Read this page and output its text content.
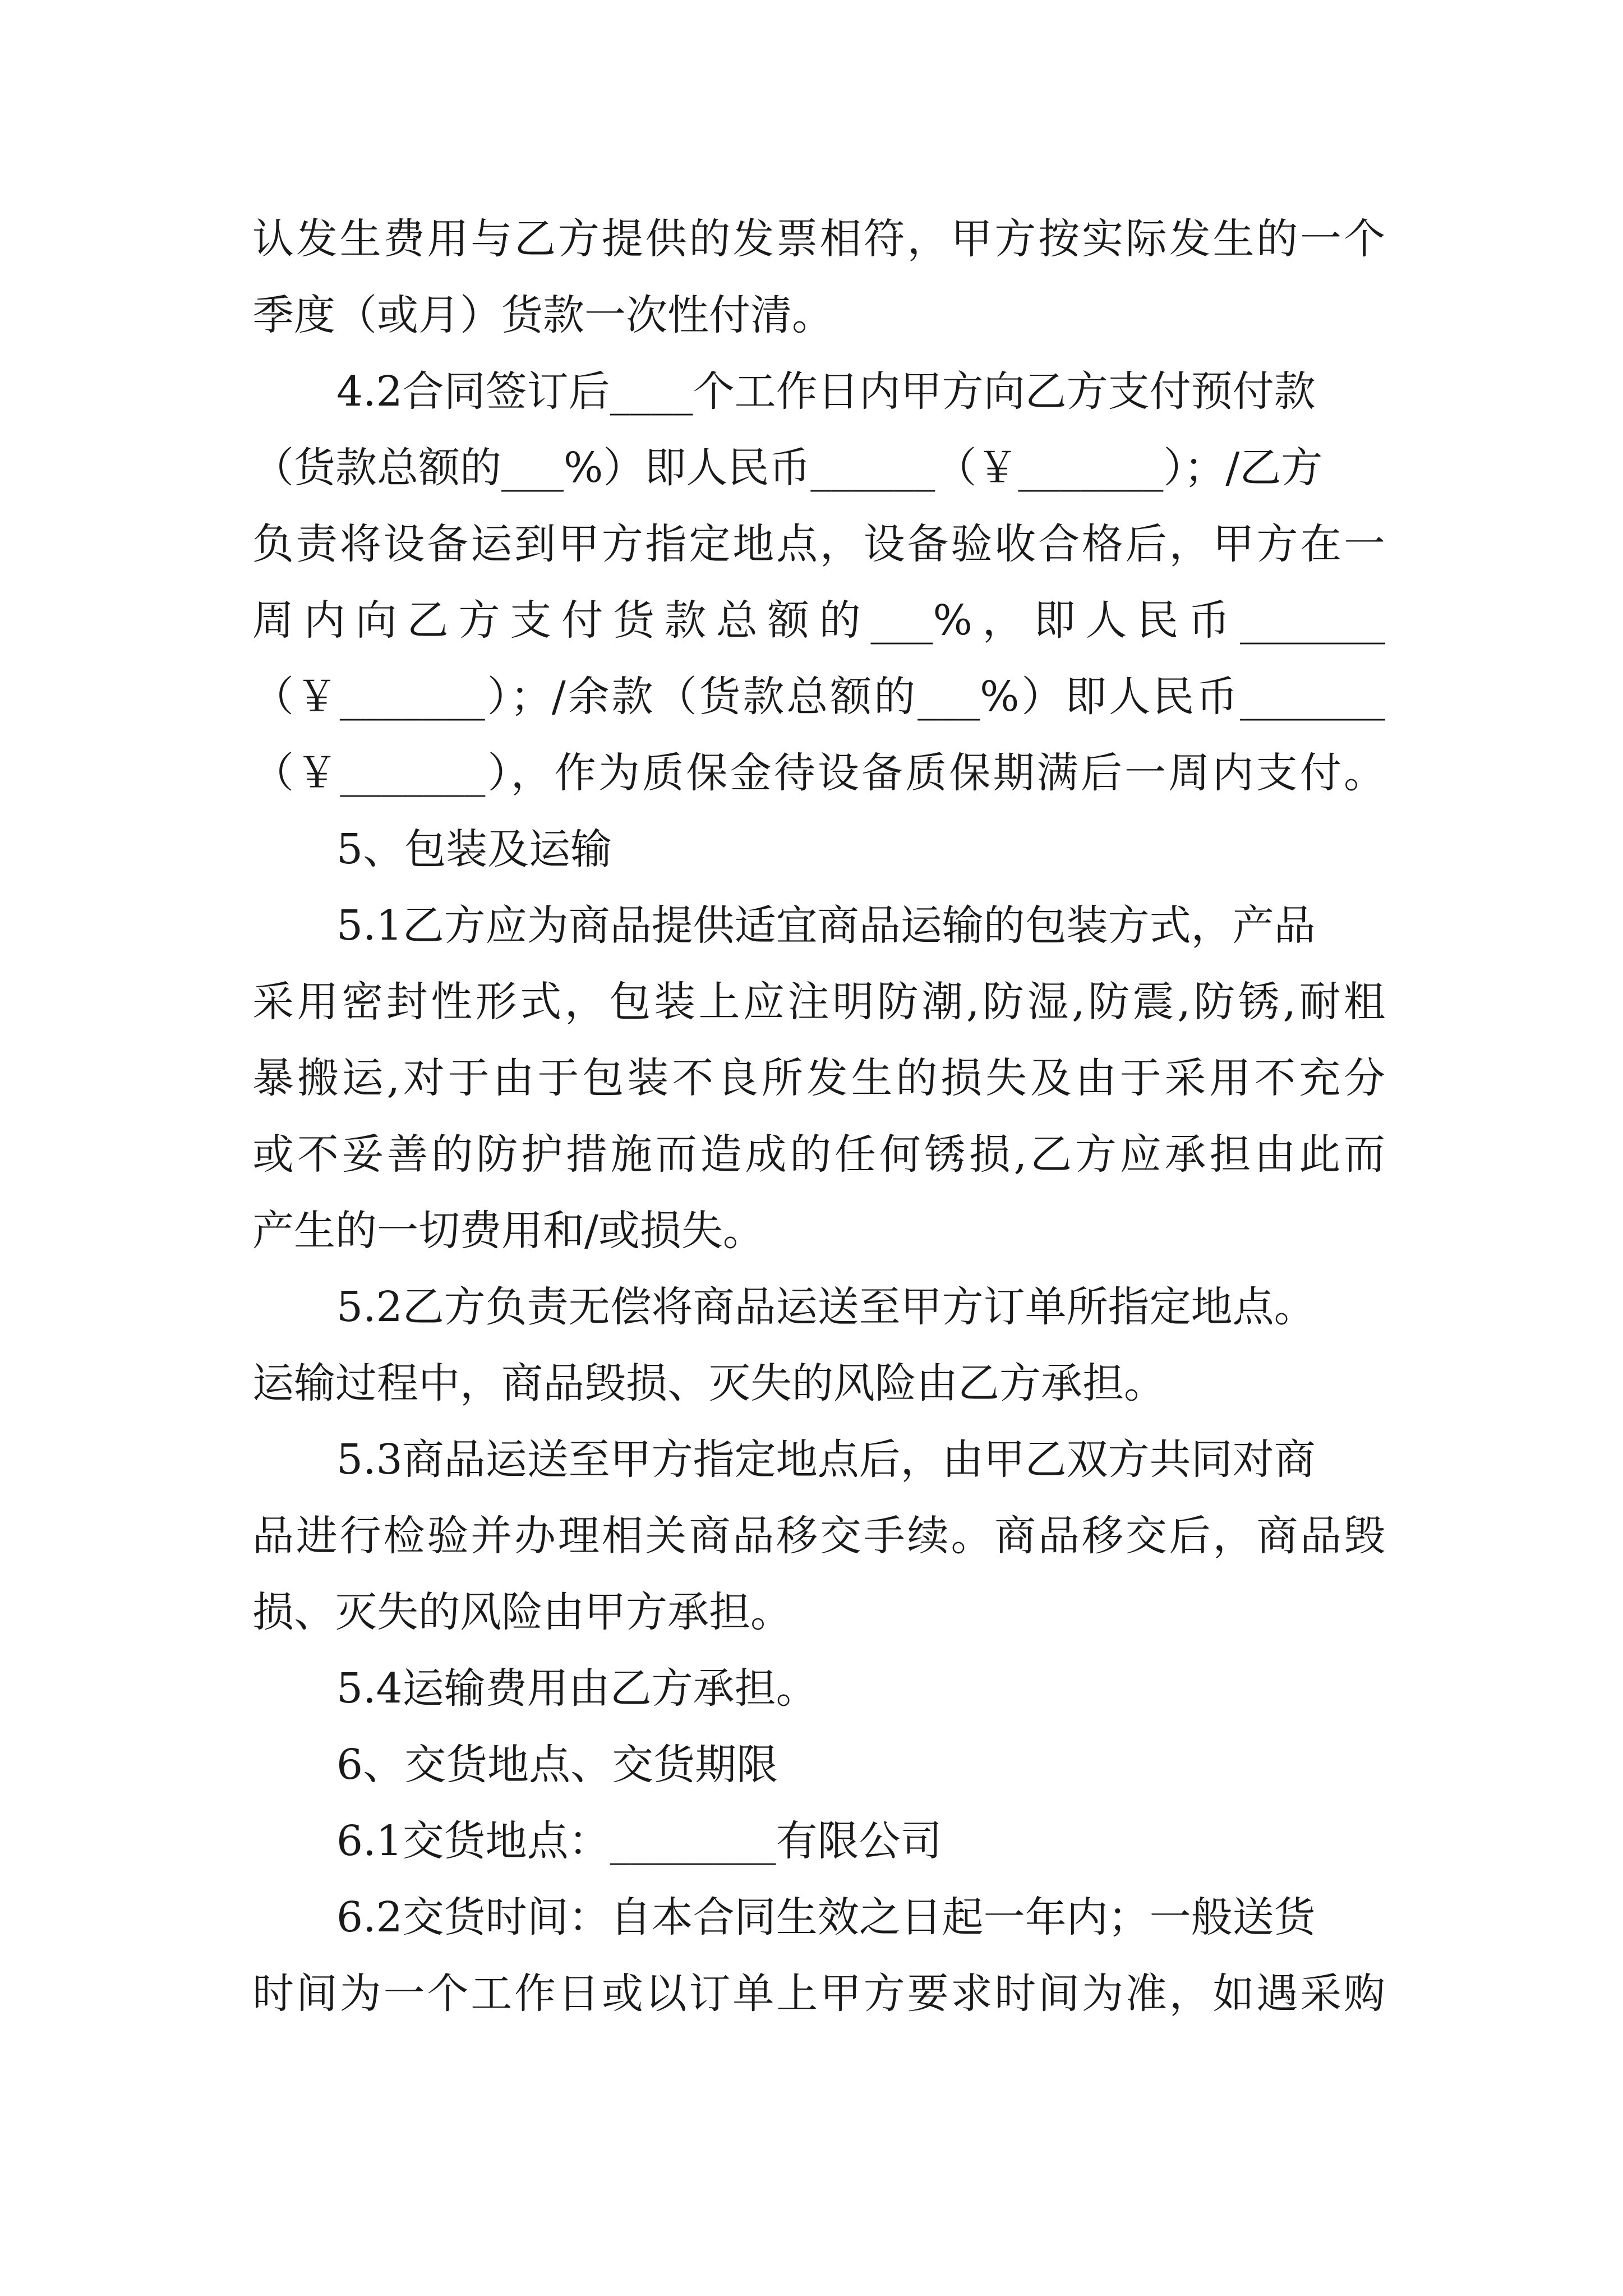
认发生费用与乙方提供的发票相符，甲方按实际发生的一个
季度（或月）货款一次性付清。
4.2合同签订后____个工作日内甲方向乙方支付预付款
（货款总额的___%）即人民币______（￥_______）；/乙方
负责将设备运到甲方指定地点，设备验收合格后，甲方在一
周内向乙方支付货款总额的___%，即人民币_______
（￥_______）；/余款（货款总额的___%）即人民币_______
（￥_______），作为质保金待设备质保期满后一周内支付。
5、包装及运输
5.1乙方应为商品提供适宜商品运输的包装方式，产品
采用密封性形式，包装上应注明防潮,防湿,防震,防锈,耐粗
暴搬运,对于由于包装不良所发生的损失及由于采用不充分
或不妥善的防护措施而造成的任何锈损,乙方应承担由此而
产生的一切费用和/或损失。
5.2乙方负责无偿将商品运送至甲方订单所指定地点。
运输过程中，商品毁损、灭失的风险由乙方承担。
5.3商品运送至甲方指定地点后，由甲乙双方共同对商
品进行检验并办理相关商品移交手续。商品移交后，商品毁
损、灭失的风险由甲方承担。
5.4运输费用由乙方承担。
6、交货地点、交货期限
6.1交货地点：________有限公司
6.2交货时间：自本合同生效之日起一年内；一般送货
时间为一个工作日或以订单上甲方要求时间为准，如遇采购
